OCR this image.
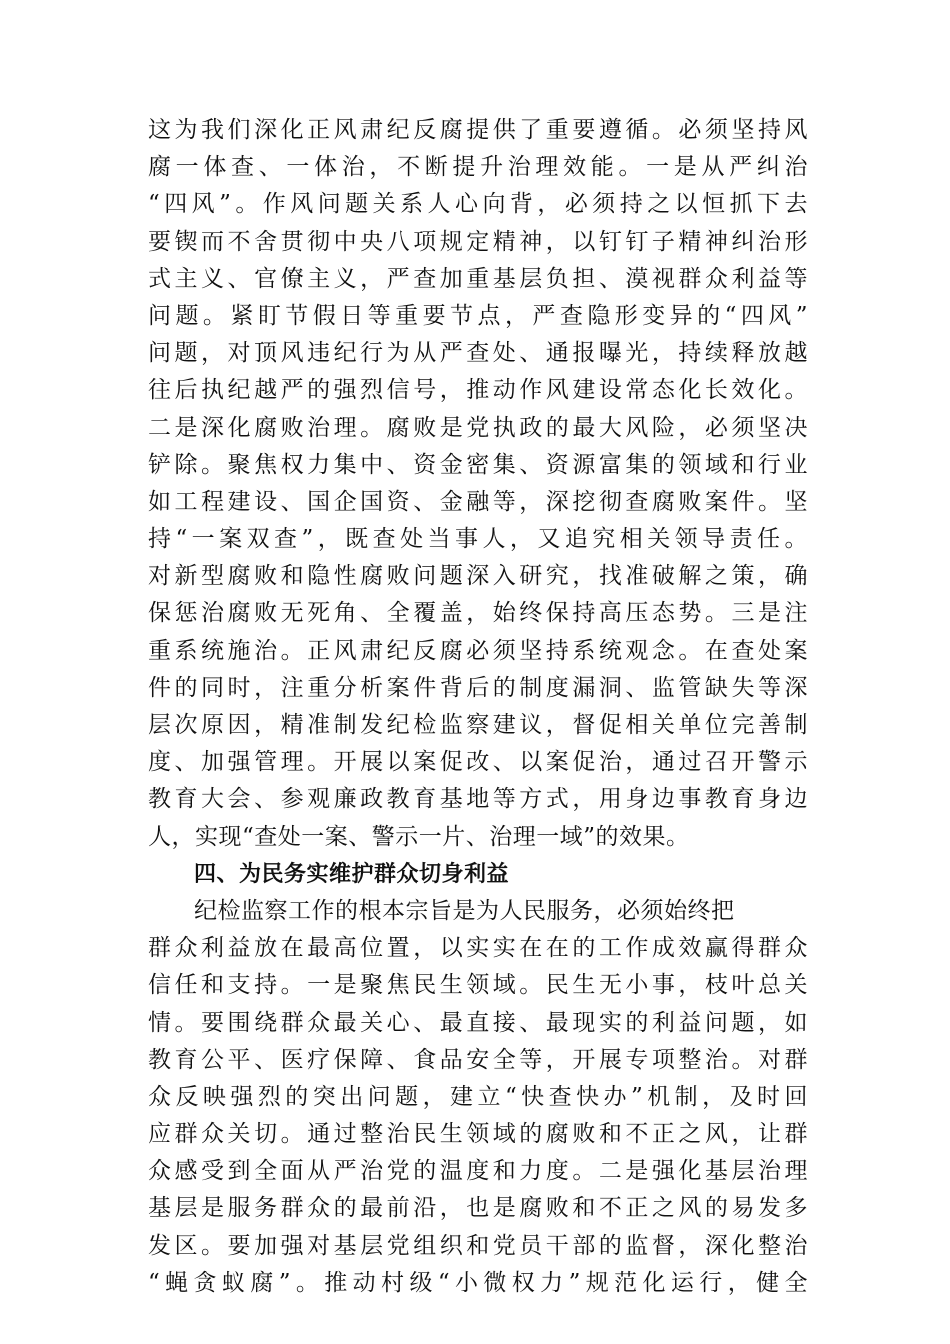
这为我们深化正风肃纪反腐提供了重要遵循。必须坚持风
腐一体查、一体治，不断提升治理效能。一是从严纠治
“四风”。作风问题关系人心向背，必须持之以恒抓下去
要锲而不舍贯彻中央八项规定精神，以钉钉子精神纠治形
式主义、官僚主义，严查加重基层负担、漠视群众利益等
问题。紧盯节假日等重要节点，严查隐形变异的“四风”
问题，对顶风违纪行为从严查处、通报曝光，持续释放越
往后执纪越严的强烈信号，推动作风建设常态化长效化。
二是深化腐败治理。腐败是党执政的最大风险，必须坚决
铲除。聚焦权力集中、资金密集、资源富集的领域和行业
如工程建设、国企国资、金融等，深挖彻查腐败案件。坚
持“一案双查”，既查处当事人，又追究相关领导责任。
对新型腐败和隐性腐败问题深入研究，找准破解之策，确
保惩治腐败无死角、全覆盖，始终保持高压态势。三是注
重系统施治。正风肃纪反腐必须坚持系统观念。在查处案
件的同时，注重分析案件背后的制度漏洞、监管缺失等深
层次原因，精准制发纪检监察建议，督促相关单位完善制
度、加强管理。开展以案促改、以案促治，通过召开警示
教育大会、参观廉政教育基地等方式，用身边事教育身边
人，实现“查处一案、警示一片、治理一域”的效果。
四、为民务实维护群众切身利益
纪检监察工作的根本宗旨是为人民服务，必须始终把
群众利益放在最高位置，以实实在在的工作成效赢得群众
信任和支持。一是聚焦民生领域。民生无小事，枝叶总关
情。要围绕群众最关心、最直接、最现实的利益问题，如
教育公平、医疗保障、食品安全等，开展专项整治。对群
众反映强烈的突出问题，建立“快查快办”机制，及时回
应群众关切。通过整治民生领域的腐败和不正之风，让群
众感受到全面从严治党的温度和力度。二是强化基层治理
基层是服务群众的最前沿，也是腐败和不正之风的易发多
发区。要加强对基层党组织和党员干部的监督，深化整治
“蝇贪蚁腐”。推动村级“小微权力”规范化运行，健全
